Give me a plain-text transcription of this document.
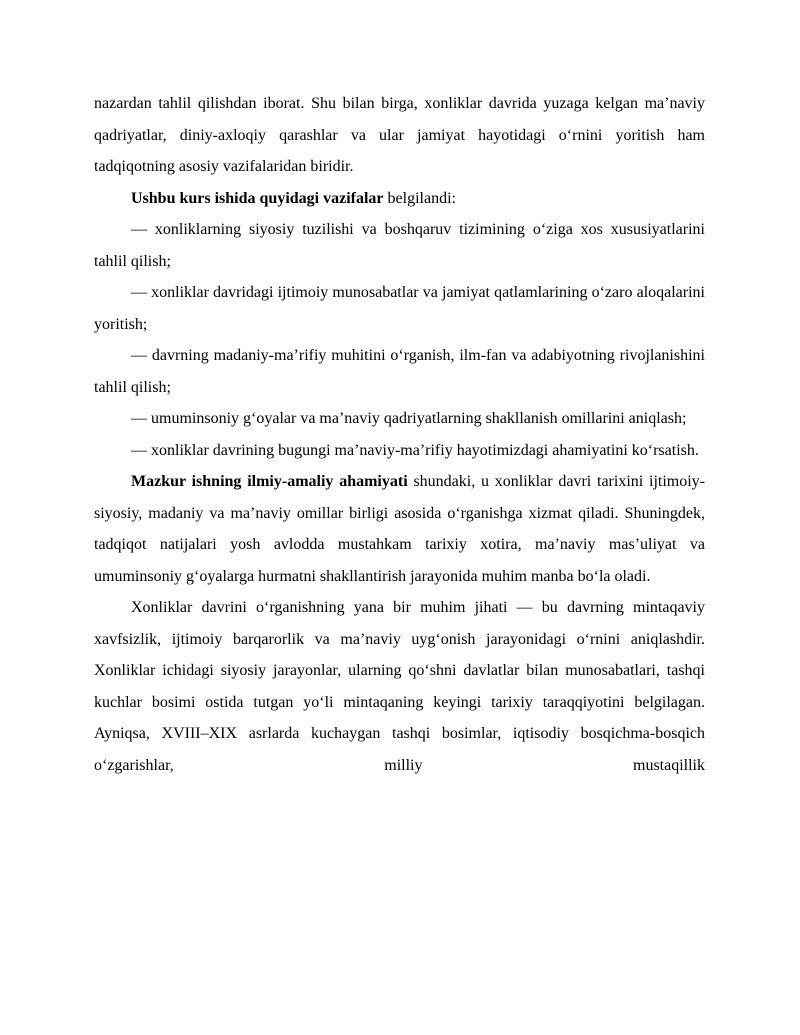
nazardan tahlil qilishdan iborat. Shu bilan birga, xonliklar davrida yuzaga kelgan ma’naviy qadriyatlar, diniy-axloqiy qarashlar va ular jamiyat hayotidagi o‘rnini yoritish ham tadqiqotning asosiy vazifalaridan biridir.

Ushbu kurs ishida quyidagi vazifalar belgilandi:

— xonliklarning siyosiy tuzilishi va boshqaruv tizimining o‘ziga xos xususiyatlarini tahlil qilish;

— xonliklar davridagi ijtimoiy munosabatlar va jamiyat qatlamlarining o‘zaro aloqalarini yoritish;

— davrning madaniy-ma’rifiy muhitini o‘rganish, ilm-fan va adabiyotning rivojlanishini tahlil qilish;

— umuminsoniy g‘oyalar va ma’naviy qadriyatlarning shakllanish omillarini aniqlash;

— xonliklar davrining bugungi ma’naviy-ma’rifiy hayotimizdagi ahamiyatini ko‘rsatish.

Mazkur ishning ilmiy-amaliy ahamiyati shundaki, u xonliklar davri tarixini ijtimoiy-siyosiy, madaniy va ma’naviy omillar birligi asosida o‘rganishga xizmat qiladi. Shuningdek, tadqiqot natijalari yosh avlodda mustahkam tarixiy xotira, ma’naviy mas’uliyat va umuminsoniy g‘oyalarga hurmatni shakllantirish jarayonida muhim manba bo‘la oladi.

Xonliklar davrini o‘rganishning yana bir muhim jihati — bu davrning mintaqaviy xavfsizlik, ijtimoiy barqarorlik va ma’naviy uyg‘onish jarayonidagi o‘rnini aniqlashdir. Xonliklar ichidagi siyosiy jarayonlar, ularning qo‘shni davlatlar bilan munosabatlari, tashqi kuchlar bosimi ostida tutgan yo‘li mintaqaning keyingi tarixiy taraqqiyotini belgilagan. Ayniqsa, XVIII–XIX asrlarda kuchaygan tashqi bosimlar, iqtisodiy bosqichma-bosqich o‘zgarishlar, milliy mustaqillik
